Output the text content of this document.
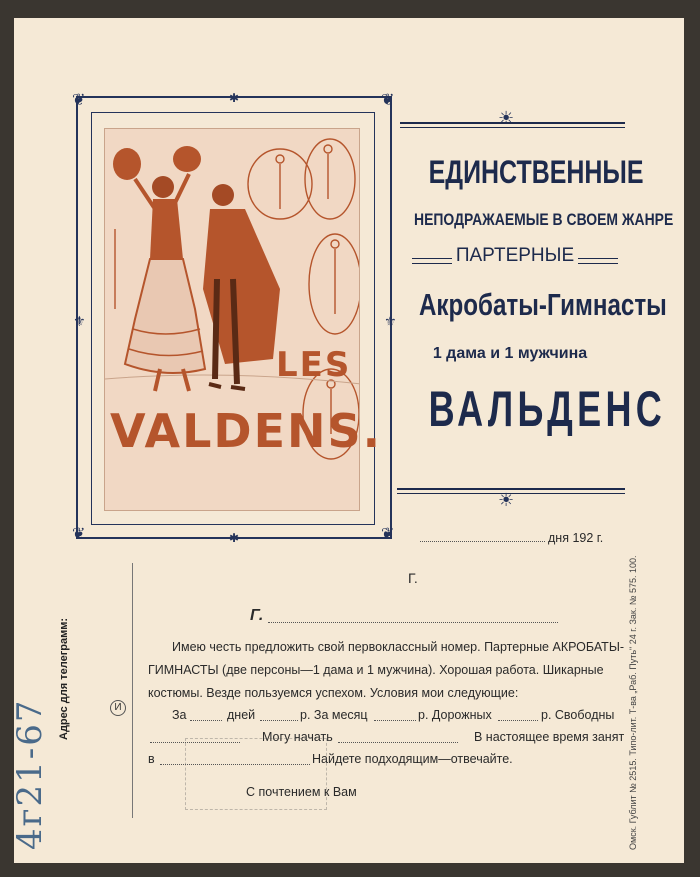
❦	❦
❦	❦
✱
✱
⚜
⚜
LES
VALDENS.
☀
ЕДИНСТВЕННЫЕ
НЕПОДРАЖАЕМЫЕ В СВОЕМ ЖАНРЕ
ПАРТЕРНЫЕ
Акробаты-Гимнасты
1 дама и 1 мужчина
ВАЛЬДЕНС
☀
дня 192 г.
Г.
Адрес для телеграмм:
4г21-67	И
Г.
Имею честь предложить свой первоклассный номер. Партерные АКРОБАТЫ-
ГИМНАСТЫ (две персоны—1 дама и 1 мужчина). Хорошая работа. Шикарные
костюмы. Везде пользуемся успехом. Условия мои следующие:
За	дней	р. За месяц	р. Дорожных	р. Свободны
Могу начать	В настоящее время занят
в	Найдете подходящим—отвечайте.
С почтением к Вам	Омск. Гублит № 2515. Типо-лит. Т-ва „Раб. Путь" 24 г. Зак. № 575. 100.
